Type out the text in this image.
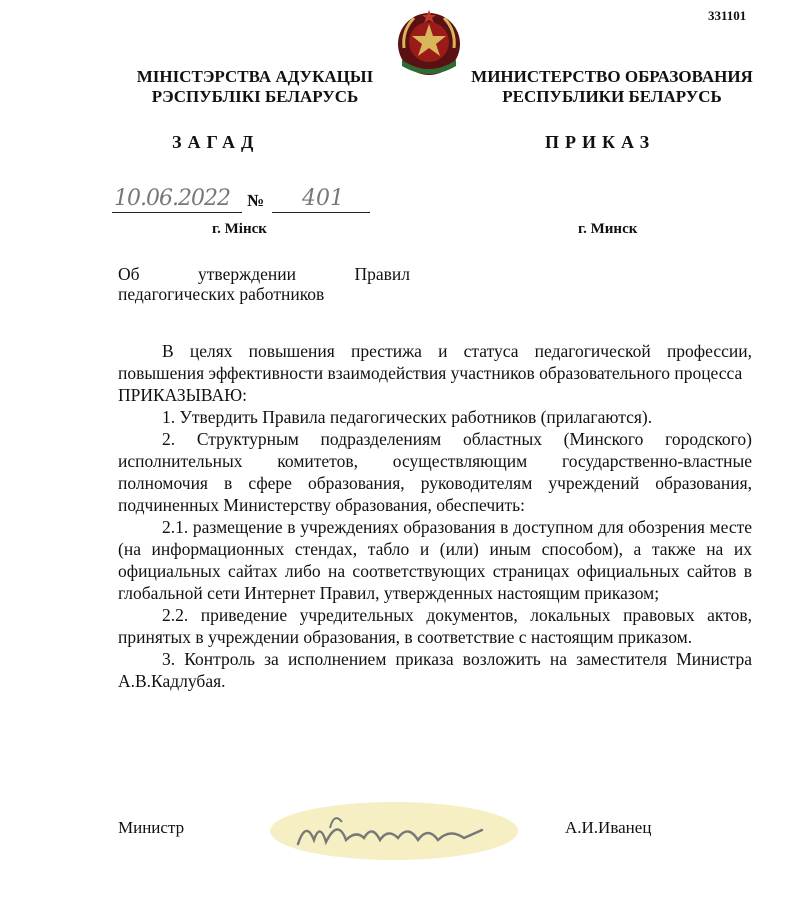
331101
МІНІСТЭРСТВА АДУКАЦЫІ
РЭСПУБЛІКІ БЕЛАРУСЬ
МИНИСТЕРСТВО ОБРАЗОВАНИЯ
РЕСПУБЛИКИ БЕЛАРУСЬ
ЗАГАД	ПРИКАЗ
10.06.2022 № 401
г. Мінск	г. Минск
Об	утверждении	Правил
педагогических работников

В целях повышения престижа и статуса педагогической профессии, повышения эффективности взаимодействия участников образовательного процесса

ПРИКАЗЫВАЮ:

1. Утвердить Правила педагогических работников (прилагаются).

2. Структурным подразделениям областных (Минского городского) исполнительных комитетов, осуществляющим государственно-властные полномочия в сфере образования, руководителям учреждений образования, подчиненных Министерству образования, обеспечить:

2.1. размещение в учреждениях образования в доступном для обозрения месте (на информационных стендах, табло и (или) иным способом), а также на их официальных сайтах либо на соответствующих страницах официальных сайтов в глобальной сети Интернет Правил, утвержденных настоящим приказом;

2.2. приведение учредительных документов, локальных правовых актов, принятых в учреждении образования, в соответствие с настоящим приказом.

3. Контроль за исполнением приказа возложить на заместителя Министра А.В.Кадлубая.

Министр	А.И.Иванец
